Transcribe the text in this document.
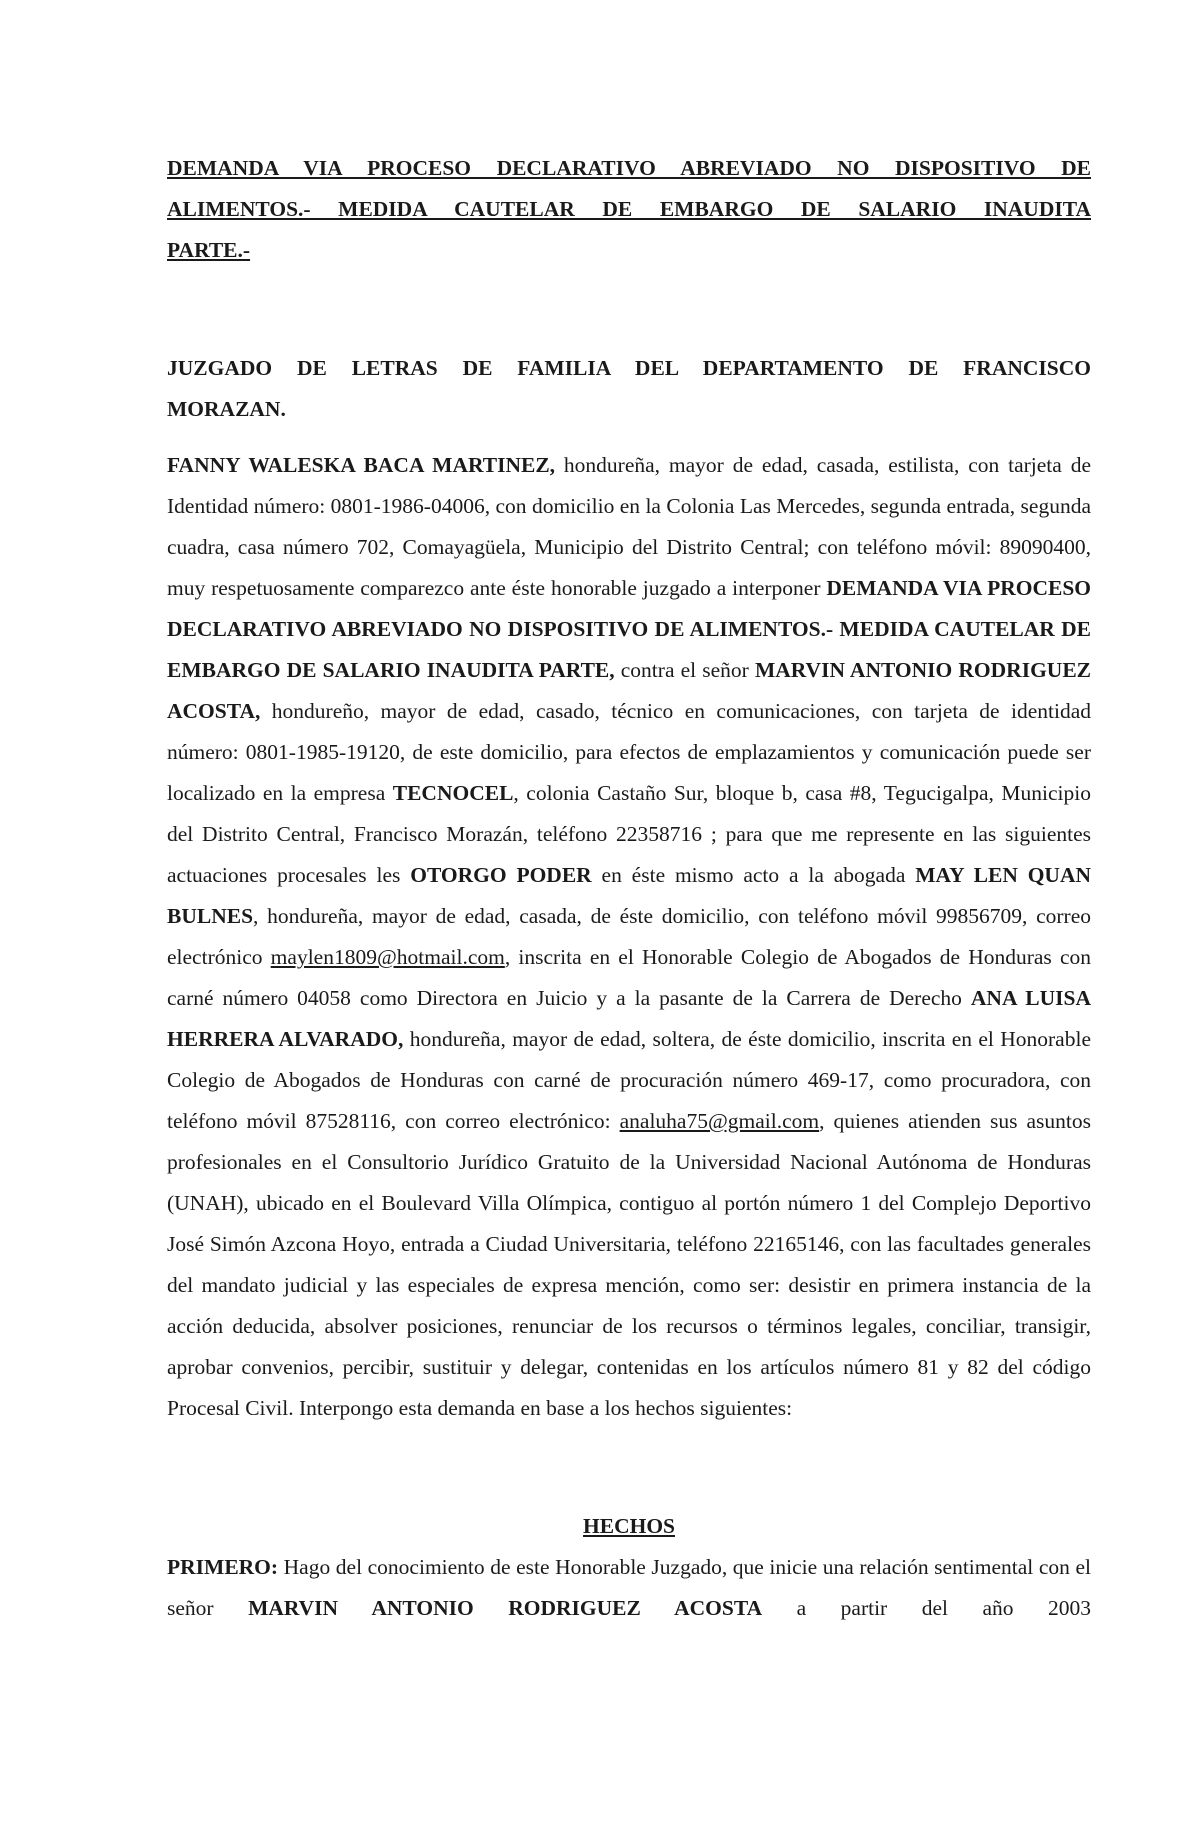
DEMANDA VIA PROCESO DECLARATIVO ABREVIADO NO DISPOSITIVO DE
ALIMENTOS.- MEDIDA CAUTELAR DE EMBARGO DE SALARIO INAUDITA
PARTE.-
JUZGADO DE LETRAS DE FAMILIA DEL DEPARTAMENTO DE FRANCISCO
MORAZAN.

FANNY WALESKA BACA MARTINEZ, hondureña, mayor de edad, casada, estilista, con tarjeta de Identidad número: 0801-1986-04006, con domicilio en la Colonia Las Mercedes, segunda entrada, segunda cuadra, casa número 702, Comayagüela, Municipio del Distrito Central; con teléfono móvil: 89090400, muy respetuosamente comparezco ante éste honorable juzgado a interponer DEMANDA VIA PROCESO DECLARATIVO ABREVIADO NO DISPOSITIVO DE ALIMENTOS.- MEDIDA CAUTELAR DE EMBARGO DE SALARIO INAUDITA PARTE, contra el señor MARVIN ANTONIO RODRIGUEZ ACOSTA, hondureño, mayor de edad, casado, técnico en comunicaciones, con tarjeta de identidad número: 0801-1985-19120, de este domicilio, para efectos de emplazamientos y comunicación puede ser localizado en la empresa TECNOCEL, colonia Castaño Sur, bloque b, casa #8, Tegucigalpa, Municipio del Distrito Central, Francisco Morazán, teléfono 22358716 ; para que me represente en las siguientes actuaciones procesales les OTORGO PODER en éste mismo acto a la abogada MAY LEN QUAN BULNES, hondureña, mayor de edad, casada, de éste domicilio, con teléfono móvil 99856709, correo electrónico maylen1809@hotmail.com, inscrita en el Honorable Colegio de Abogados de Honduras con carné número 04058 como Directora en Juicio y a la pasante de la Carrera de Derecho ANA LUISA HERRERA ALVARADO, hondureña, mayor de edad, soltera, de éste domicilio, inscrita en el Honorable Colegio de Abogados de Honduras con carné de procuración número 469-17, como procuradora, con teléfono móvil 87528116, con correo electrónico: analuha75@gmail.com, quienes atienden sus asuntos profesionales en el Consultorio Jurídico Gratuito de la Universidad Nacional Autónoma de Honduras (UNAH), ubicado en el Boulevard Villa Olímpica, contiguo al portón número 1 del Complejo Deportivo José Simón Azcona Hoyo, entrada a Ciudad Universitaria, teléfono 22165146, con las facultades generales del mandato judicial y las especiales de expresa mención, como ser: desistir en primera instancia de la acción deducida, absolver posiciones, renunciar de los recursos o términos legales, conciliar, transigir, aprobar convenios, percibir, sustituir y delegar, contenidas en los artículos número 81 y 82 del código Procesal Civil. Interpongo esta demanda en base a los hechos siguientes:

HECHOS

PRIMERO: Hago del conocimiento de este Honorable Juzgado, que inicie una relación sentimental con el señor MARVIN ANTONIO RODRIGUEZ ACOSTA a partir del año 2003
